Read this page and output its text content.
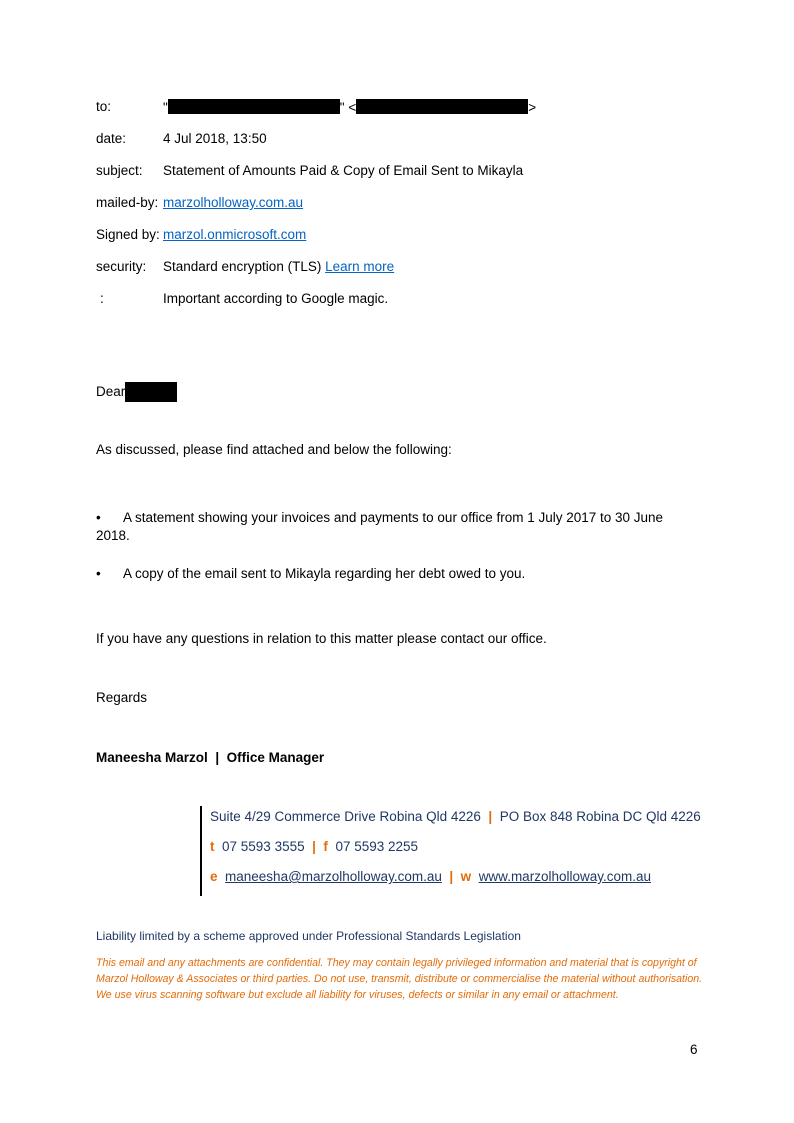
to:	"	" <	>
date:	4 Jul 2018, 13:50
subject: Statement of Amounts Paid & Copy of Email Sent to Mikayla
mailed-by: marzolholloway.com.au
Signed by: marzol.onmicrosoft.com
security: Standard encryption (TLS) Learn more
:	Important according to Google magic.
Dear
As discussed, please find attached and below the following:
• A statement showing your invoices and payments to our office from 1 July 2017 to 30 June
2018.
• A copy of the email sent to Mikayla regarding her debt owed to you.
If you have any questions in relation to this matter please contact our office.
Regards
Maneesha Marzol | Office Manager
Suite 4/29 Commerce Drive Robina Qld 4226 | PO Box 848 Robina DC Qld 4226
t 07 5593 3555 | f 07 5593 2255
e maneesha@marzolholloway.com.au | w www.marzolholloway.com.au
Liability limited by a scheme approved under Professional Standards Legislation
This email and any attachments are confidential. They may contain legally privileged information and material that is copyright of Marzol Holloway & Associates or third parties. Do not use, transmit, distribute or commercialise the material without authorisation. We use virus scanning software but exclude all liability for viruses, defects or similar in any email or attachment.
6
